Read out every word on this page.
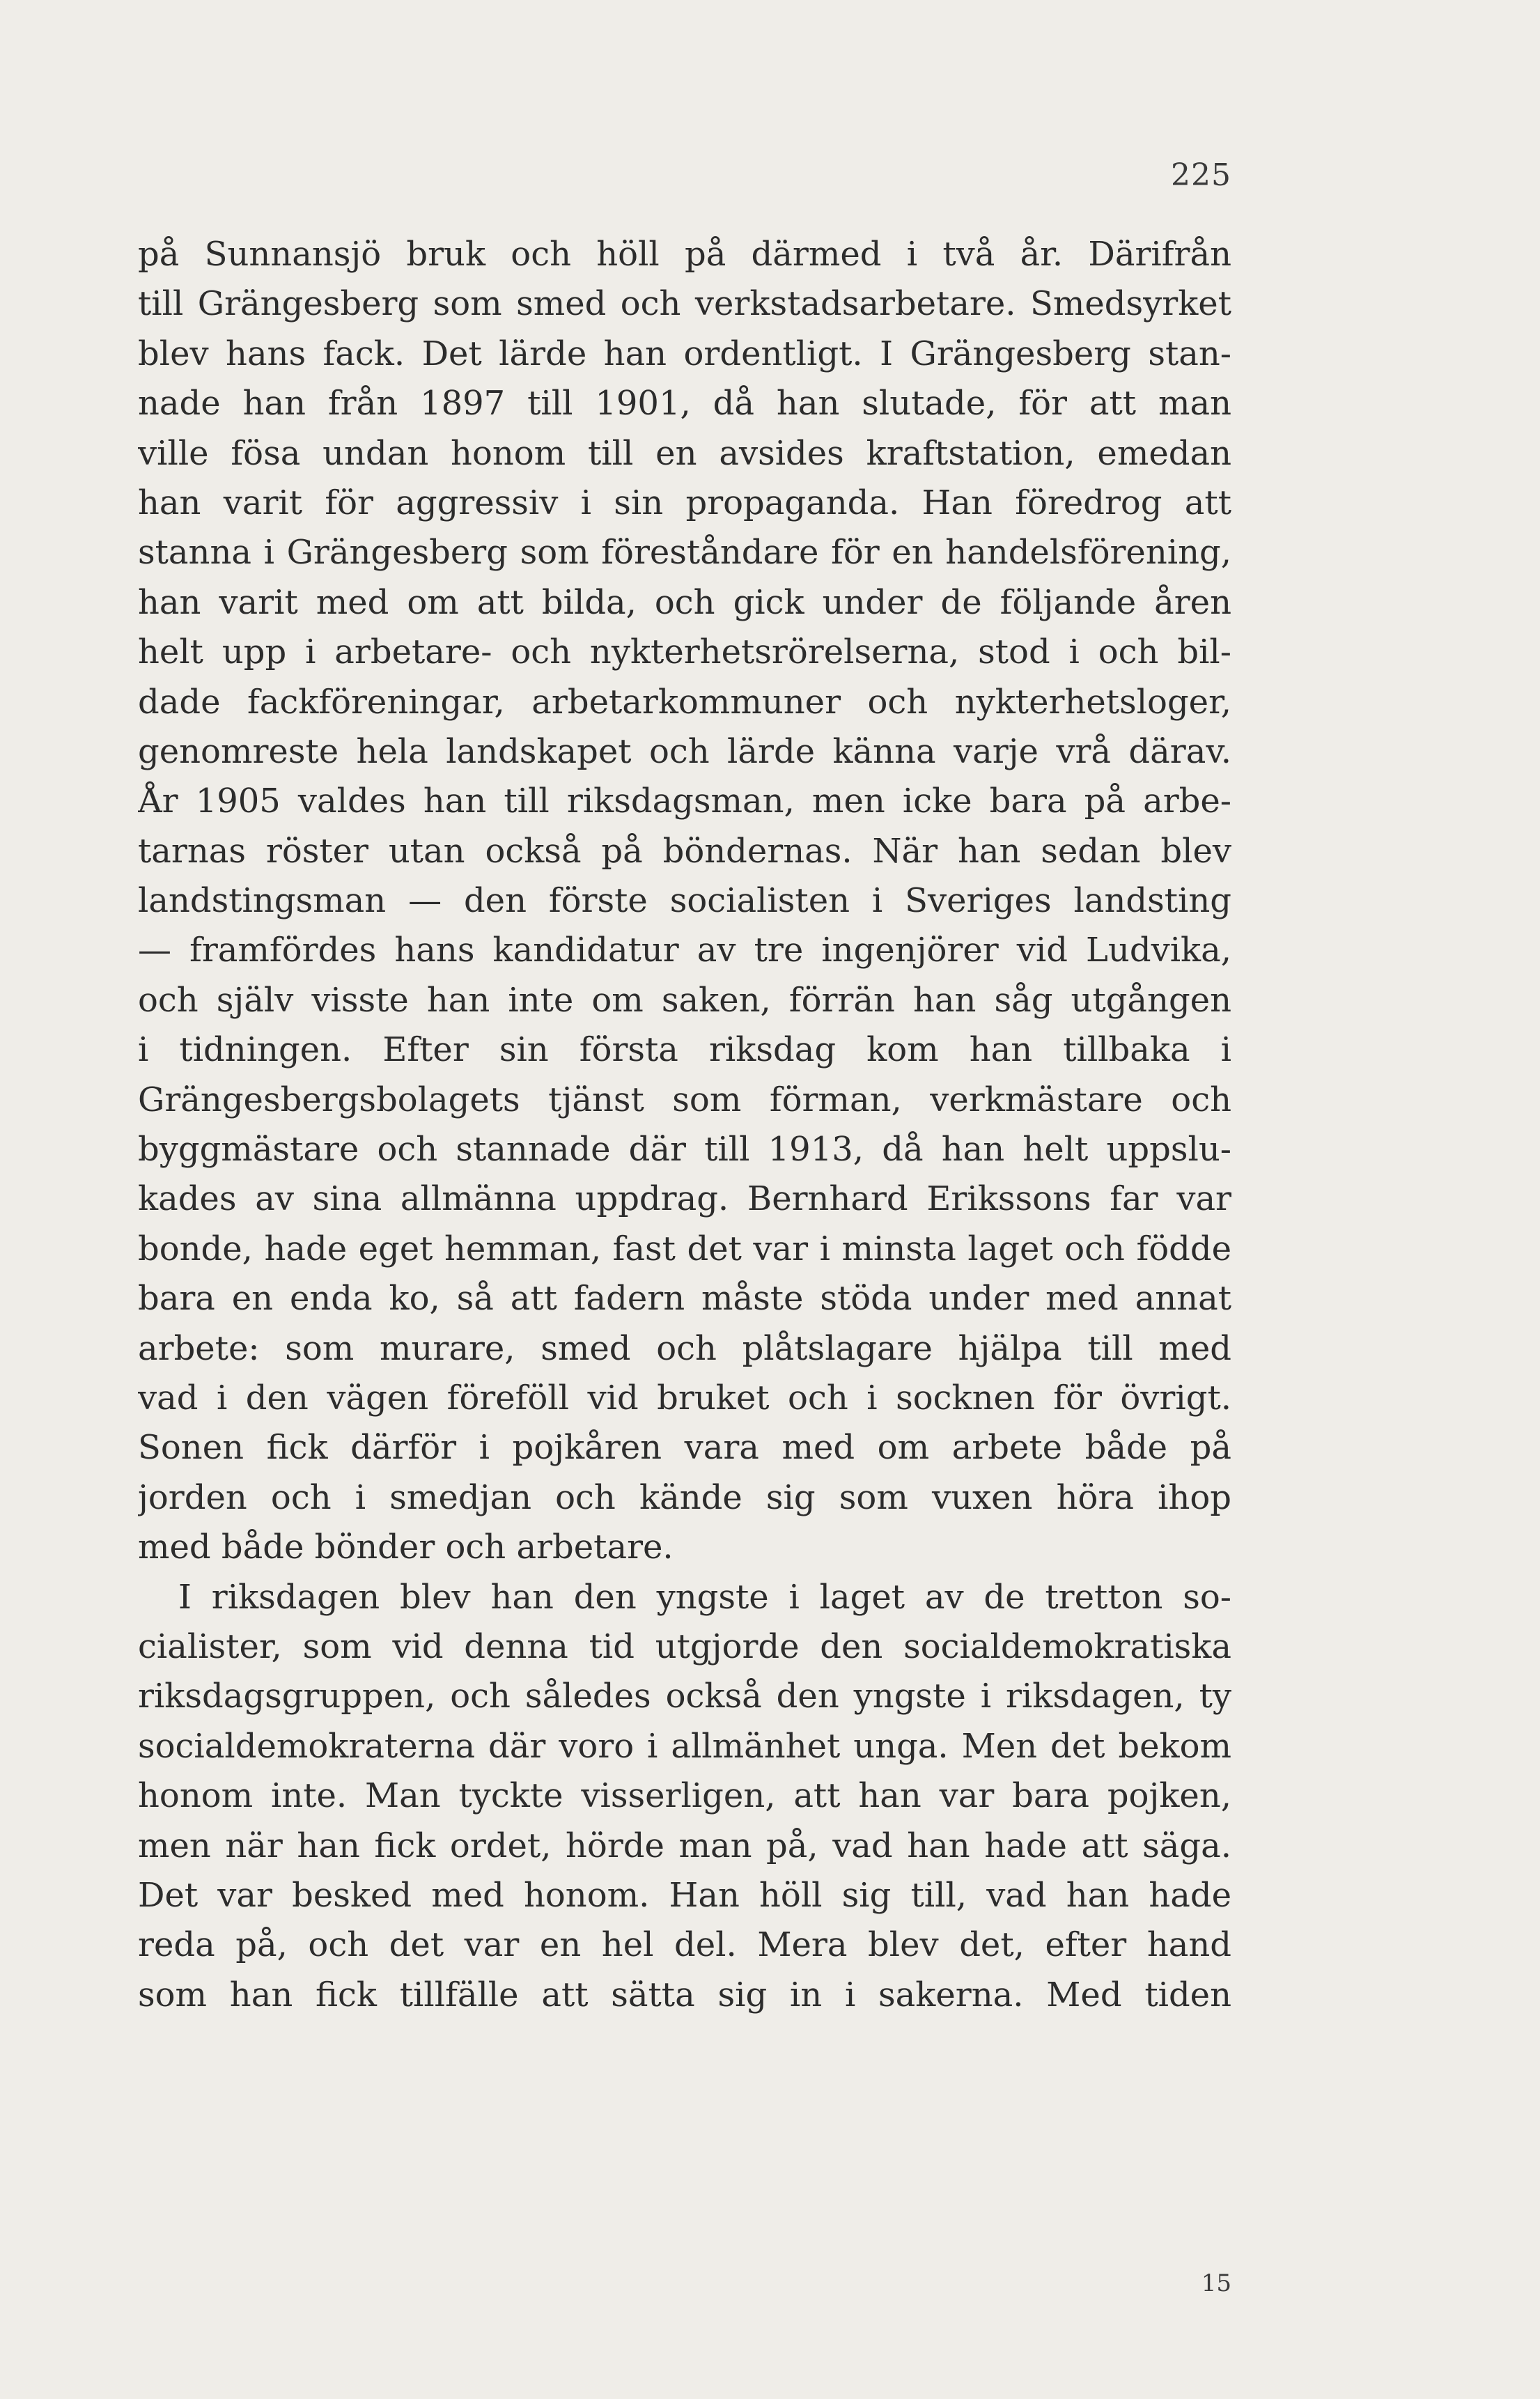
225
på Sunnansjö bruk och höll på därmed i två år. Därifrån
till Grängesberg som smed och verkstadsarbetare. Smedsyrket
blev hans fack. Det lärde han ordentligt. I Grängesberg stan-
nade han från 1897 till 1901, då han slutade, för att man
ville fösa undan honom till en avsides kraftstation, emedan
han varit för aggressiv i sin propaganda. Han föredrog att
stanna i Grängesberg som föreståndare för en handelsförening,
han varit med om att bilda, och gick under de följande åren
helt upp i arbetare- och nykterhetsrörelserna, stod i och bil-
dade fackföreningar, arbetarkommuner och nykterhetsloger,
genomreste hela landskapet och lärde känna varje vrå därav.
År 1905 valdes han till riksdagsman, men icke bara på arbe-
tarnas röster utan också på böndernas. När han sedan blev
landstingsman — den förste socialisten i Sveriges landsting
— framfördes hans kandidatur av tre ingenjörer vid Ludvika,
och själv visste han inte om saken, förrän han såg utgången
i tidningen. Efter sin första riksdag kom han tillbaka i
Grängesbergsbolagets tjänst som förman, verkmästare och
byggmästare och stannade där till 1913, då han helt uppslu-
kades av sina allmänna uppdrag. Bernhard Erikssons far var
bonde, hade eget hemman, fast det var i minsta laget och födde
bara en enda ko, så att fadern måste stöda under med annat
arbete: som murare, smed och plåtslagare hjälpa till med
vad i den vägen föreföll vid bruket och i socknen för övrigt.
Sonen fick därför i pojkåren vara med om arbete både på
jorden och i smedjan och kände sig som vuxen höra ihop
med både bönder och arbetare.
I riksdagen blev han den yngste i laget av de tretton so-
cialister, som vid denna tid utgjorde den socialdemokratiska
riksdagsgruppen, och således också den yngste i riksdagen, ty
socialdemokraterna där voro i allmänhet unga. Men det bekom
honom inte. Man tyckte visserligen, att han var bara pojken,
men när han fick ordet, hörde man på, vad han hade att säga.
Det var besked med honom. Han höll sig till, vad han hade
reda på, och det var en hel del. Mera blev det, efter hand
som han fick tillfälle att sätta sig in i sakerna. Med tiden
15
